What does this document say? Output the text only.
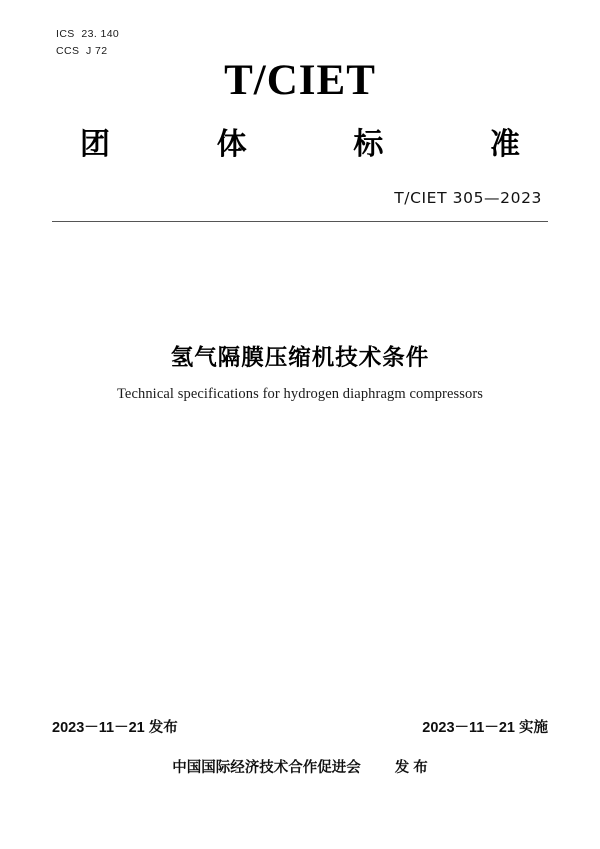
ICS  23. 140
CCS  J 72
T/CIET
团	体	标	准
T/CIET 305—2023
氢气隔膜压缩机技术条件
Technical specifications for hydrogen diaphragm compressors
2023－11－21 发布	2023－11－21 实施
中国国际经济技术合作促进会 发 布
